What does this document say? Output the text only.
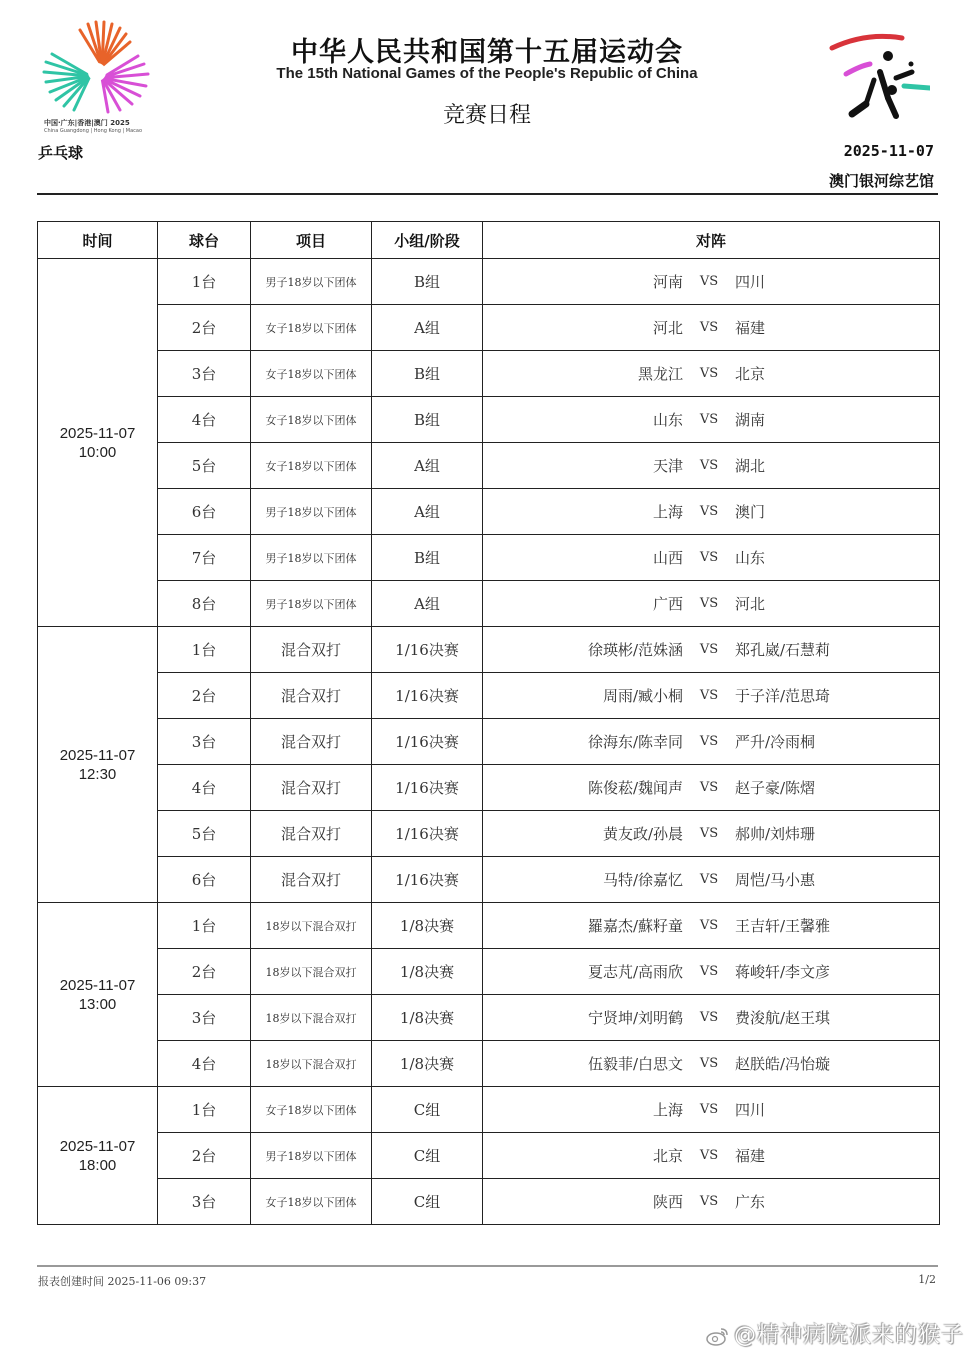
中国·广东|香港|澳门 2025
China Guangdong | Hong Kong | Macao
中华人民共和国第十五届运动会
The 15th National Games of the People's Republic of China
竞赛日程
乒乓球	2025-11-07
澳门银河综艺馆
时间	球台	项目	小组/阶段	对阵

2025-11-07
10:00
	1台	男子18岁以下团体	B组	河南	VS	四川

	2台	女子18岁以下团体	A组	河北 VS 福建

	3台	女子18岁以下团体	B组	黑龙江 VS 北京

	4台	女子18岁以下团体	B组	山东 VS 湖南

	5台	女子18岁以下团体	A组	天津 VS 湖北

	6台	男子18岁以下团体	A组	上海 VS 澳门

	7台	男子18岁以下团体	B组	山西 VS 山东

	8台	男子18岁以下团体	A组	广西 VS 河北

2025-11-07
12:30
	1台	混合双打	1/16决赛	徐瑛彬/范姝涵	VS	郑孔崴/石慧莉

	2台	混合双打	1/16决赛	周雨/臧小桐 VS 于子洋/范思琦

	3台	混合双打	1/16决赛	徐海东/陈幸同 VS 严升/冷雨桐

	4台	混合双打	1/16决赛	陈俊菘/魏闻声 VS 赵子豪/陈熠

	5台	混合双打	1/16决赛	黄友政/孙晨 VS 郝帅/刘炜珊

	6台	混合双打	1/16决赛	马特/徐嘉忆 VS 周恺/马小惠

2025-11-07
13:00
	1台	18岁以下混合双打	1/8决赛	羅嘉杰/蘇籽童	VS	王吉轩/王馨雅

	2台	18岁以下混合双打	1/8决赛	夏志芃/高雨欣 VS 蒋峻轩/李文彦

	3台	18岁以下混合双打	1/8决赛	宁贤坤/刘明鹤 VS 费浚航/赵王琪

	4台	18岁以下混合双打	1/8决赛	伍毅菲/白思文 VS 赵朕皓/冯怡璇

2025-11-07
18:00
	1台	女子18岁以下团体	C组	上海	VS	四川

	2台	男子18岁以下团体	C组	北京 VS 福建

	3台	女子18岁以下团体	C组	陕西 VS 广东
报表创建时间 2025-11-06 09:37	1/2
@精神病院派来的猴子
